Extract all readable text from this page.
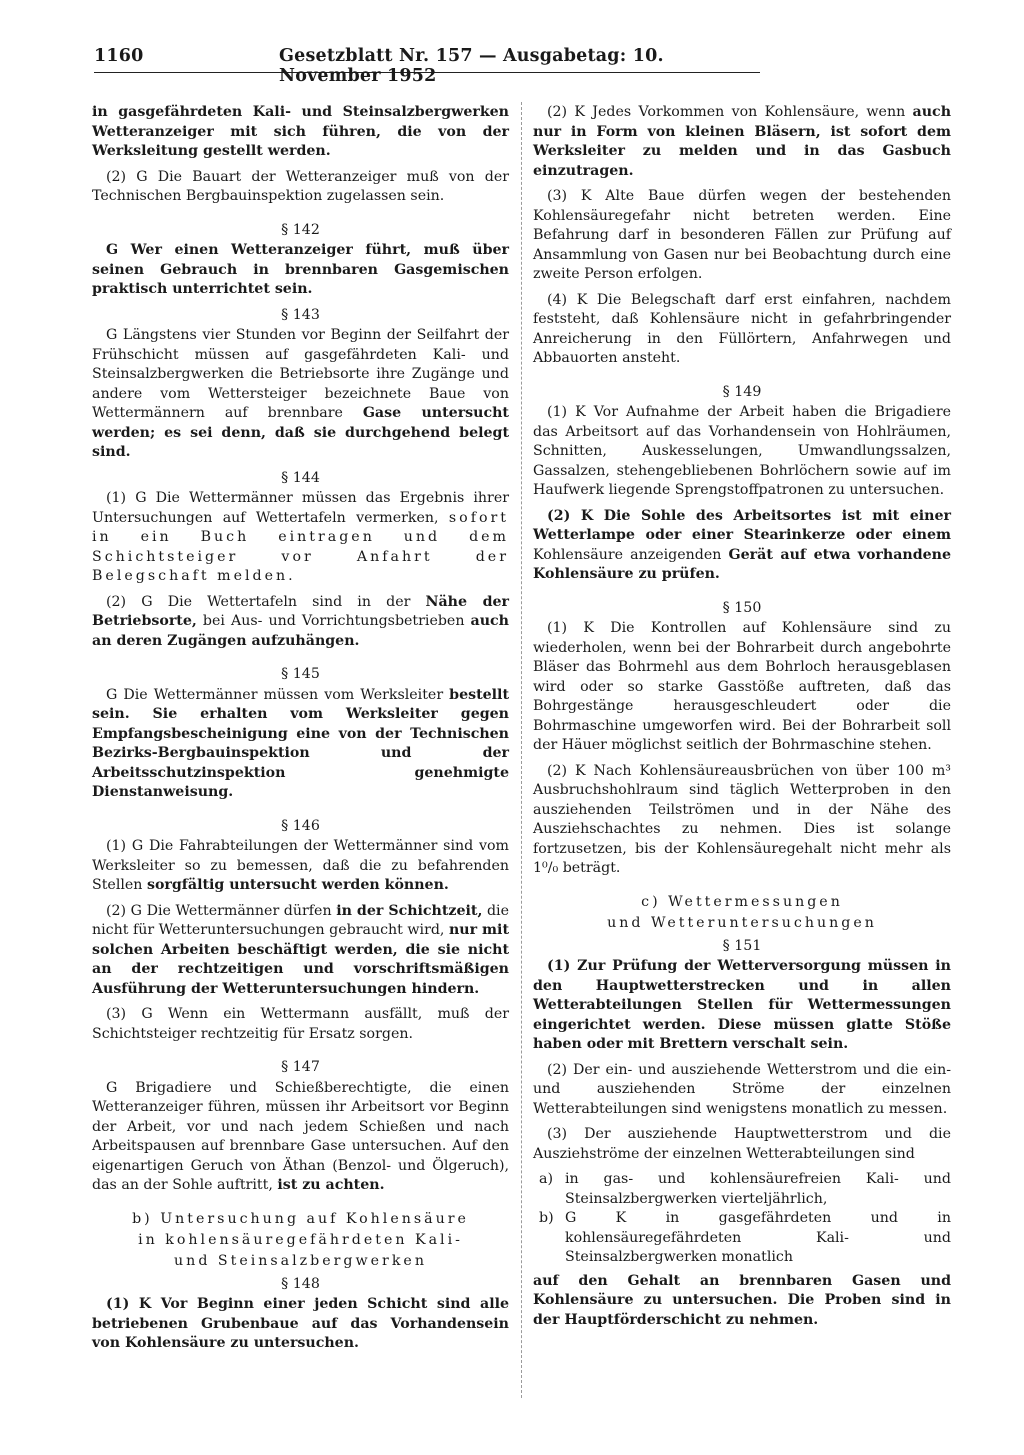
1160	Gesetzblatt Nr. 157 — Ausgabetag: 10. November 1952

in gasgefährdeten Kali- und Steinsalzbergwerken Wetteranzeiger mit sich führen, die von der Werksleitung gestellt werden.

(2) G Die Bauart der Wetteranzeiger muß von der Technischen Bergbauinspektion zugelassen sein.

§ 142

G Wer einen Wetteranzeiger führt, muß über seinen Gebrauch in brennbaren Gasgemischen praktisch unterrichtet sein.

§ 143

G Längstens vier Stunden vor Beginn der Seilfahrt der Frühschicht müssen auf gasgefährdeten Kali- und Steinsalzbergwerken die Betriebsorte ihre Zugänge und andere vom Wettersteiger bezeichnete Baue von Wettermännern auf brennbare Gase untersucht werden; es sei denn, daß sie durchgehend belegt sind.

§ 144

(1) G Die Wettermänner müssen das Ergebnis ihrer Untersuchungen auf Wettertafeln vermerken, sofort in ein Buch eintragen und dem Schichtsteiger vor Anfahrt der Belegschaft melden.

(2) G Die Wettertafeln sind in der Nähe der Betriebsorte, bei Aus- und Vorrichtungsbetrieben auch an deren Zugängen aufzuhängen.

§ 145

G Die Wettermänner müssen vom Werksleiter bestellt sein. Sie erhalten vom Werksleiter gegen Empfangsbescheinigung eine von der Technischen Bezirks-Bergbauinspektion und der Arbeitsschutzinspektion genehmigte Dienstanweisung.

§ 146

(1) G Die Fahrabteilungen der Wettermänner sind vom Werksleiter so zu bemessen, daß die zu befahrenden Stellen sorgfältig untersucht werden können.

(2) G Die Wettermänner dürfen in der Schichtzeit, die nicht für Wetteruntersuchungen gebraucht wird, nur mit solchen Arbeiten beschäftigt werden, die sie nicht an der rechtzeitigen und vorschriftsmäßigen Ausführung der Wetteruntersuchungen hindern.

(3) G Wenn ein Wettermann ausfällt, muß der Schichtsteiger rechtzeitig für Ersatz sorgen.

§ 147

G Brigadiere und Schießberechtigte, die einen Wetteranzeiger führen, müssen ihr Arbeitsort vor Beginn der Arbeit, vor und nach jedem Schießen und nach Arbeitspausen auf brennbare Gase untersuchen. Auf den eigenartigen Geruch von Äthan (Benzol- und Ölgeruch), das an der Sohle auftritt, ist zu achten.

b) Untersuchung auf Kohlensäure
in kohlensäuregefährdeten Kali-
und Steinsalzbergwerken
§ 148

(1) K Vor Beginn einer jeden Schicht sind alle betriebenen Grubenbaue auf das Vorhandensein von Kohlensäure zu untersuchen.

(2) K Jedes Vorkommen von Kohlensäure, wenn auch nur in Form von kleinen Bläsern, ist sofort dem Werksleiter zu melden und in das Gasbuch einzutragen.

(3) K Alte Baue dürfen wegen der bestehenden Kohlensäuregefahr nicht betreten werden. Eine Befahrung darf in besonderen Fällen zur Prüfung auf Ansammlung von Gasen nur bei Beobachtung durch eine zweite Person erfolgen.

(4) K Die Belegschaft darf erst einfahren, nachdem feststeht, daß Kohlensäure nicht in gefahrbringender Anreicherung in den Füllörtern, Anfahrwegen und Abbauorten ansteht.

§ 149

(1) K Vor Aufnahme der Arbeit haben die Brigadiere das Arbeitsort auf das Vorhandensein von Hohlräumen, Schnitten, Auskesselungen, Umwandlungssalzen, Gassalzen, stehengebliebenen Bohrlöchern sowie auf im Haufwerk liegende Sprengstoffpatronen zu untersuchen.

(2) K Die Sohle des Arbeitsortes ist mit einer Wetterlampe oder einer Stearinkerze oder einem Kohlensäure anzeigenden Gerät auf etwa vorhandene Kohlensäure zu prüfen.

§ 150

(1) K Die Kontrollen auf Kohlensäure sind zu wiederholen, wenn bei der Bohrarbeit durch angebohrte Bläser das Bohrmehl aus dem Bohrloch herausgeblasen wird oder so starke Gasstöße auftreten, daß das Bohrgestänge herausgeschleudert oder die Bohrmaschine umgeworfen wird. Bei der Bohrarbeit soll der Häuer möglichst seitlich der Bohrmaschine stehen.

(2) K Nach Kohlensäureausbrüchen von über 100 m³ Ausbruchshohlraum sind täglich Wetterproben in den ausziehenden Teilströmen und in der Nähe des Ausziehschachtes zu nehmen. Dies ist solange fortzusetzen, bis der Kohlensäuregehalt nicht mehr als 1⁰/₀ beträgt.

c) Wettermessungen
und Wetteruntersuchungen
§ 151

(1) Zur Prüfung der Wetterversorgung müssen in den Hauptwetterstrecken und in allen Wetterabteilungen Stellen für Wettermessungen eingerichtet werden. Diese müssen glatte Stöße haben oder mit Brettern verschalt sein.

(2) Der ein- und ausziehende Wetterstrom und die ein- und ausziehenden Ströme der einzelnen Wetterabteilungen sind wenigstens monatlich zu messen.

(3) Der ausziehende Hauptwetterstrom und die Ausziehströme der einzelnen Wetterabteilungen sind

a) in gas- und kohlensäurefreien Kali- und Steinsalzbergwerken vierteljährlich,
b) G K in gasgefährdeten und in kohlensäuregefährdeten Kali- und Steinsalzbergwerken monatlich

auf den Gehalt an brennbaren Gasen und Kohlensäure zu untersuchen. Die Proben sind in der Hauptförderschicht zu nehmen.
